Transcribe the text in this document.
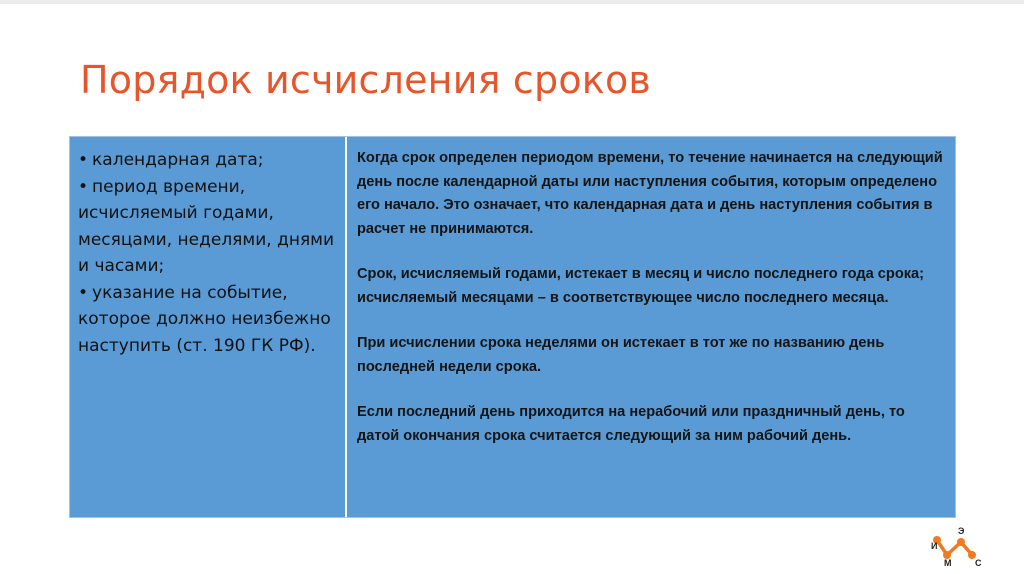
Порядок исчисления сроков
• календарная дата;
• период времени, исчисляемый годами, месяцами, неделями, днями и часами;
• указание на событие, которое должно неизбежно наступить (ст. 190 ГК РФ).

Когда срок определен периодом времени, то течение начинается на следующий день после календарной даты или наступления события, которым определено его начало. Это означает, что календарная дата и день наступления события в расчет не принимаются.

Срок, исчисляемый годами, истекает в месяц и число последнего года срока; исчисляемый месяцами – в соответствующее число последнего месяца.

При исчислении срока неделями он истекает в тот же по названию день последней недели срока.

Если последний день приходится на нерабочий или праздничный день, то датой окончания срока считается следующий за ним рабочий день.

И
М
Э
С
